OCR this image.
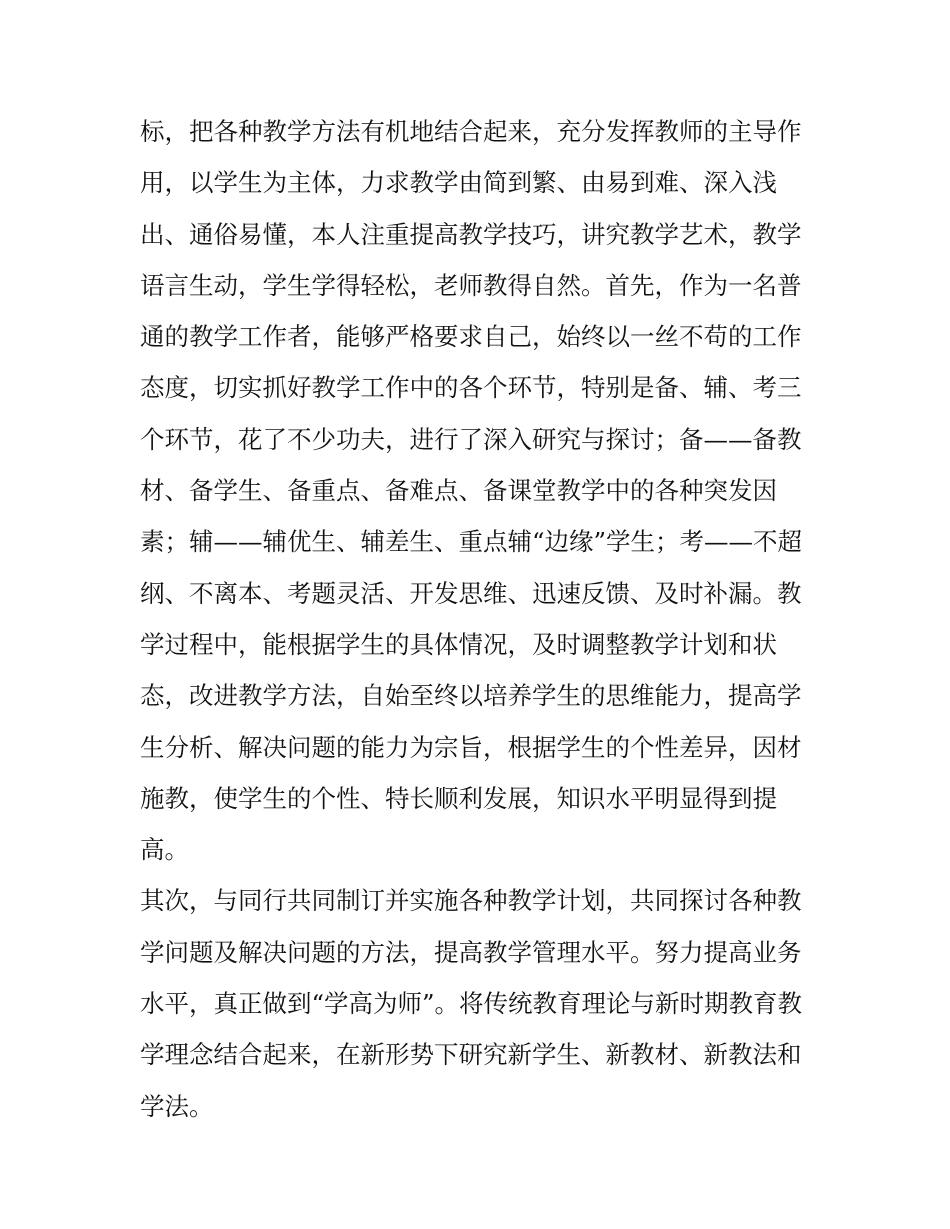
标，把各种教学方法有机地结合起来，充分发挥教师的主导作
用，以学生为主体，力求教学由简到繁、由易到难、深入浅
出、通俗易懂，本人注重提高教学技巧，讲究教学艺术，教学
语言生动，学生学得轻松，老师教得自然。首先，作为一名普
通的教学工作者，能够严格要求自己，始终以一丝不苟的工作
态度，切实抓好教学工作中的各个环节，特别是备、辅、考三
个环节，花了不少功夫，进行了深入研究与探讨；备——备教
材、备学生、备重点、备难点、备课堂教学中的各种突发因
素；辅——辅优生、辅差生、重点辅“边缘”学生；考——不超
纲、不离本、考题灵活、开发思维、迅速反馈、及时补漏。教
学过程中，能根据学生的具体情况，及时调整教学计划和状
态，改进教学方法，自始至终以培养学生的思维能力，提高学
生分析、解决问题的能力为宗旨，根据学生的个性差异，因材
施教，使学生的个性、特长顺利发展，知识水平明显得到提
高。
其次，与同行共同制订并实施各种教学计划，共同探讨各种教
学问题及解决问题的方法，提高教学管理水平。努力提高业务
水平，真正做到“学高为师”。将传统教育理论与新时期教育教
学理念结合起来，在新形势下研究新学生、新教材、新教法和
学法。
